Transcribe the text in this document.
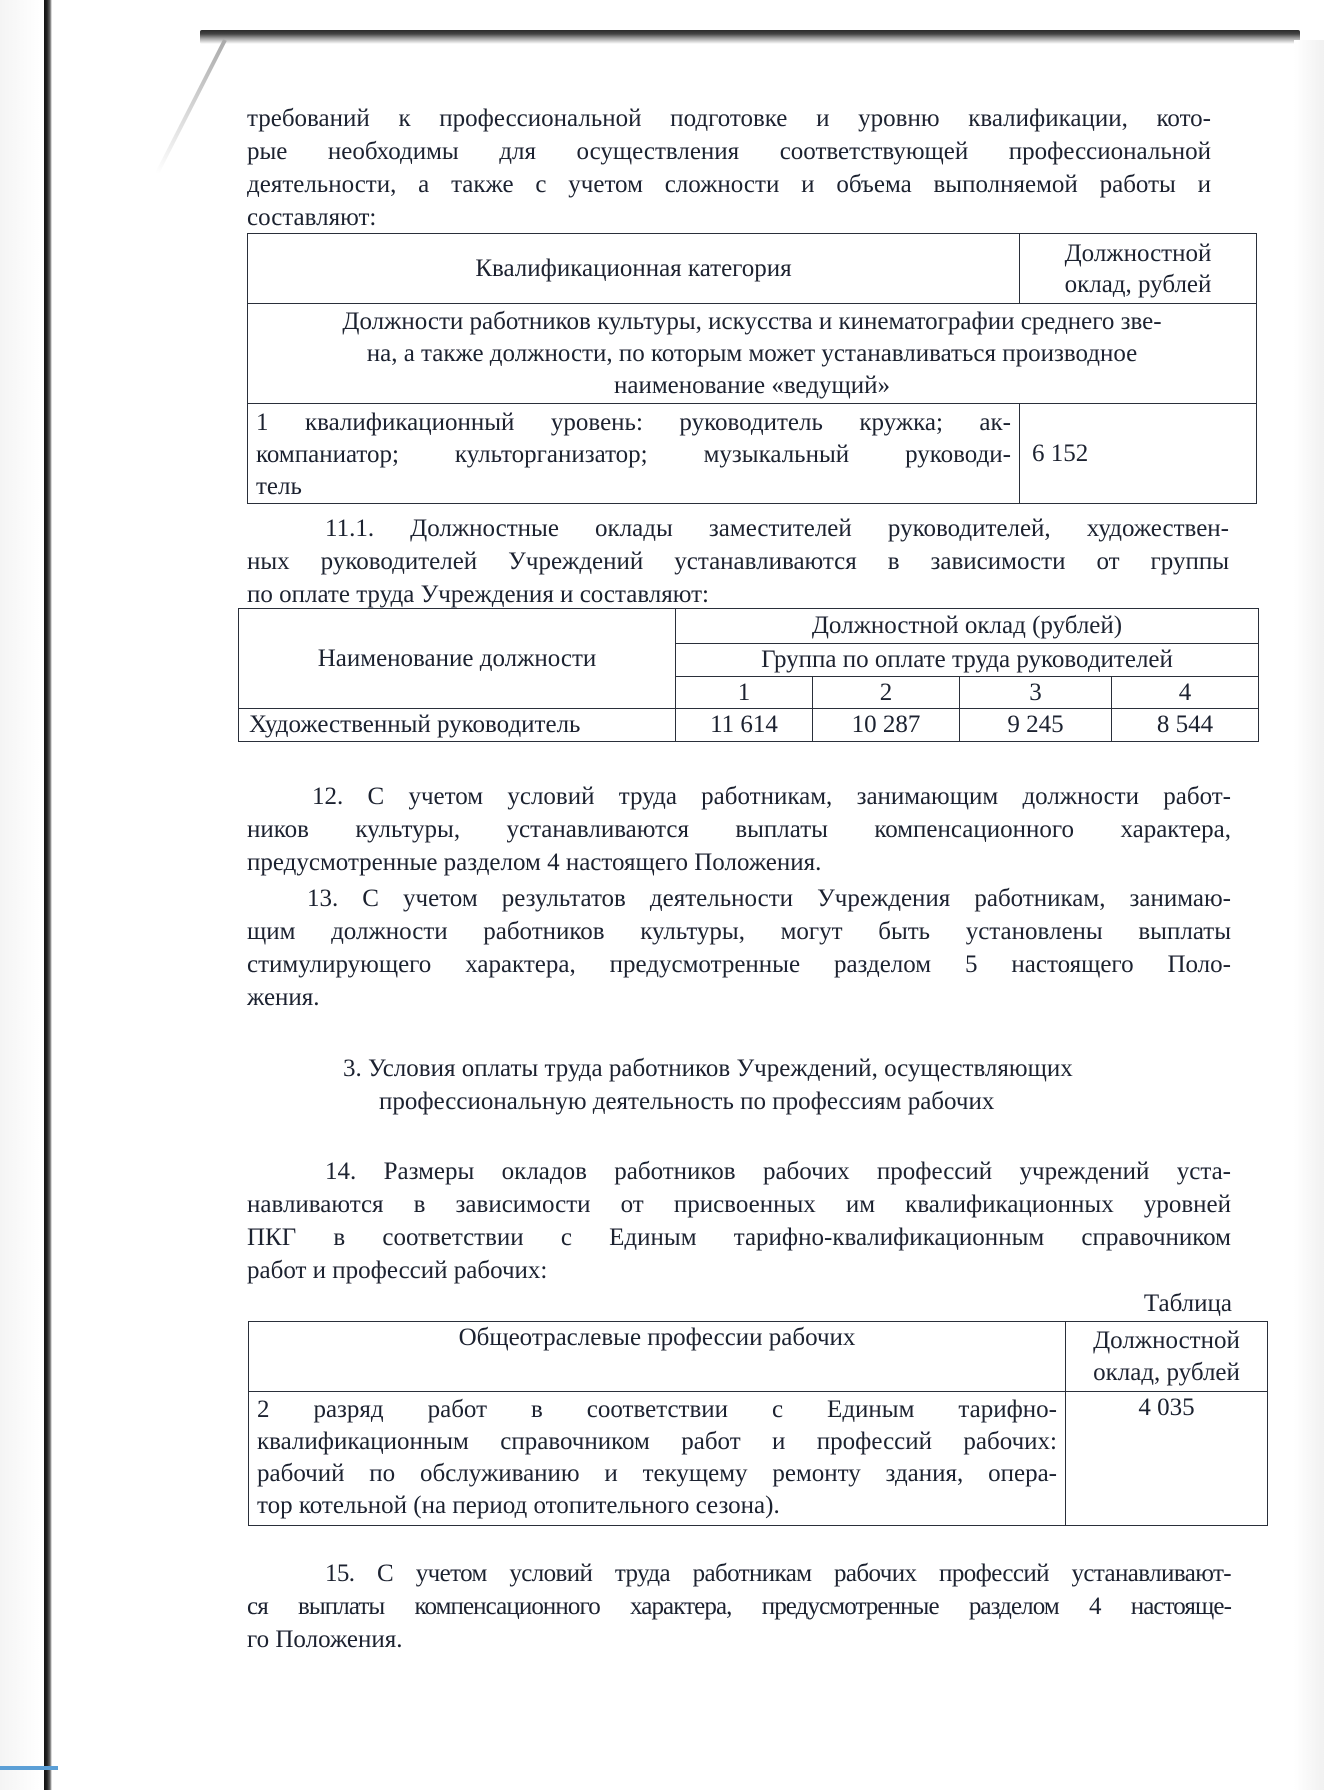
требований к профессиональной подготовке и уровню квалификации, кото-
рые необходимы для осуществления соответствующей профессиональной
деятельности, а также с учетом сложности и объема выполняемой работы и
составляют:
Квалификационная категория	Должностной
оклад, рублей
Должности работников культуры, искусства и кинематографии среднего зве-
на, а также должности, по которым может устанавливаться производное
наименование «ведущий»	

1 квалификационный уровень: руководитель кружка; ак-
компаниатор; культорганизатор; музыкальный руководи-
тель	6 152
11.1. Должностные оклады заместителей руководителей, художествен-
ных руководителей Учреждений устанавливаются в зависимости от группы
по оплате труда Учреждения и составляют:
Наименование должности	Должностной оклад (рублей)			
	Группа по оплате труда руководителей			
	1	2	3	4
Художественный руководитель	11 614	10 287	9 245	8 544
12. С учетом условий труда работникам, занимающим должности работ-
ников культуры, устанавливаются выплаты компенсационного характера,
предусмотренные разделом 4 настоящего Положения.
13. С учетом результатов деятельности Учреждения работникам, занимаю-
щим должности работников культуры, могут быть установлены выплаты
стимулирующего характера, предусмотренные разделом 5 настоящего Поло-
жения.
3. Условия оплаты труда работников Учреждений, осуществляющих
профессиональную деятельность по профессиям рабочих
14. Размеры окладов работников рабочих профессий учреждений уста-
навливаются в зависимости от присвоенных им квалификационных уровней
ПКГ в соответствии с Единым тарифно-квалификационным справочником
работ и профессий рабочих:
Таблица
Общеотраслевые профессии рабочих	Должностной
оклад, рублей

2 разряд работ в соответствии с Единым тарифно-
квалификационным справочником работ и профессий рабочих:
рабочий по обслуживанию и текущему ремонту здания, опера-
тор котельной (на период отопительного сезона).	4 035
15. С учетом условий труда работникам рабочих профессий устанавливают-
ся выплаты компенсационного характера, предусмотренные разделом 4 настояще-
го Положения.
